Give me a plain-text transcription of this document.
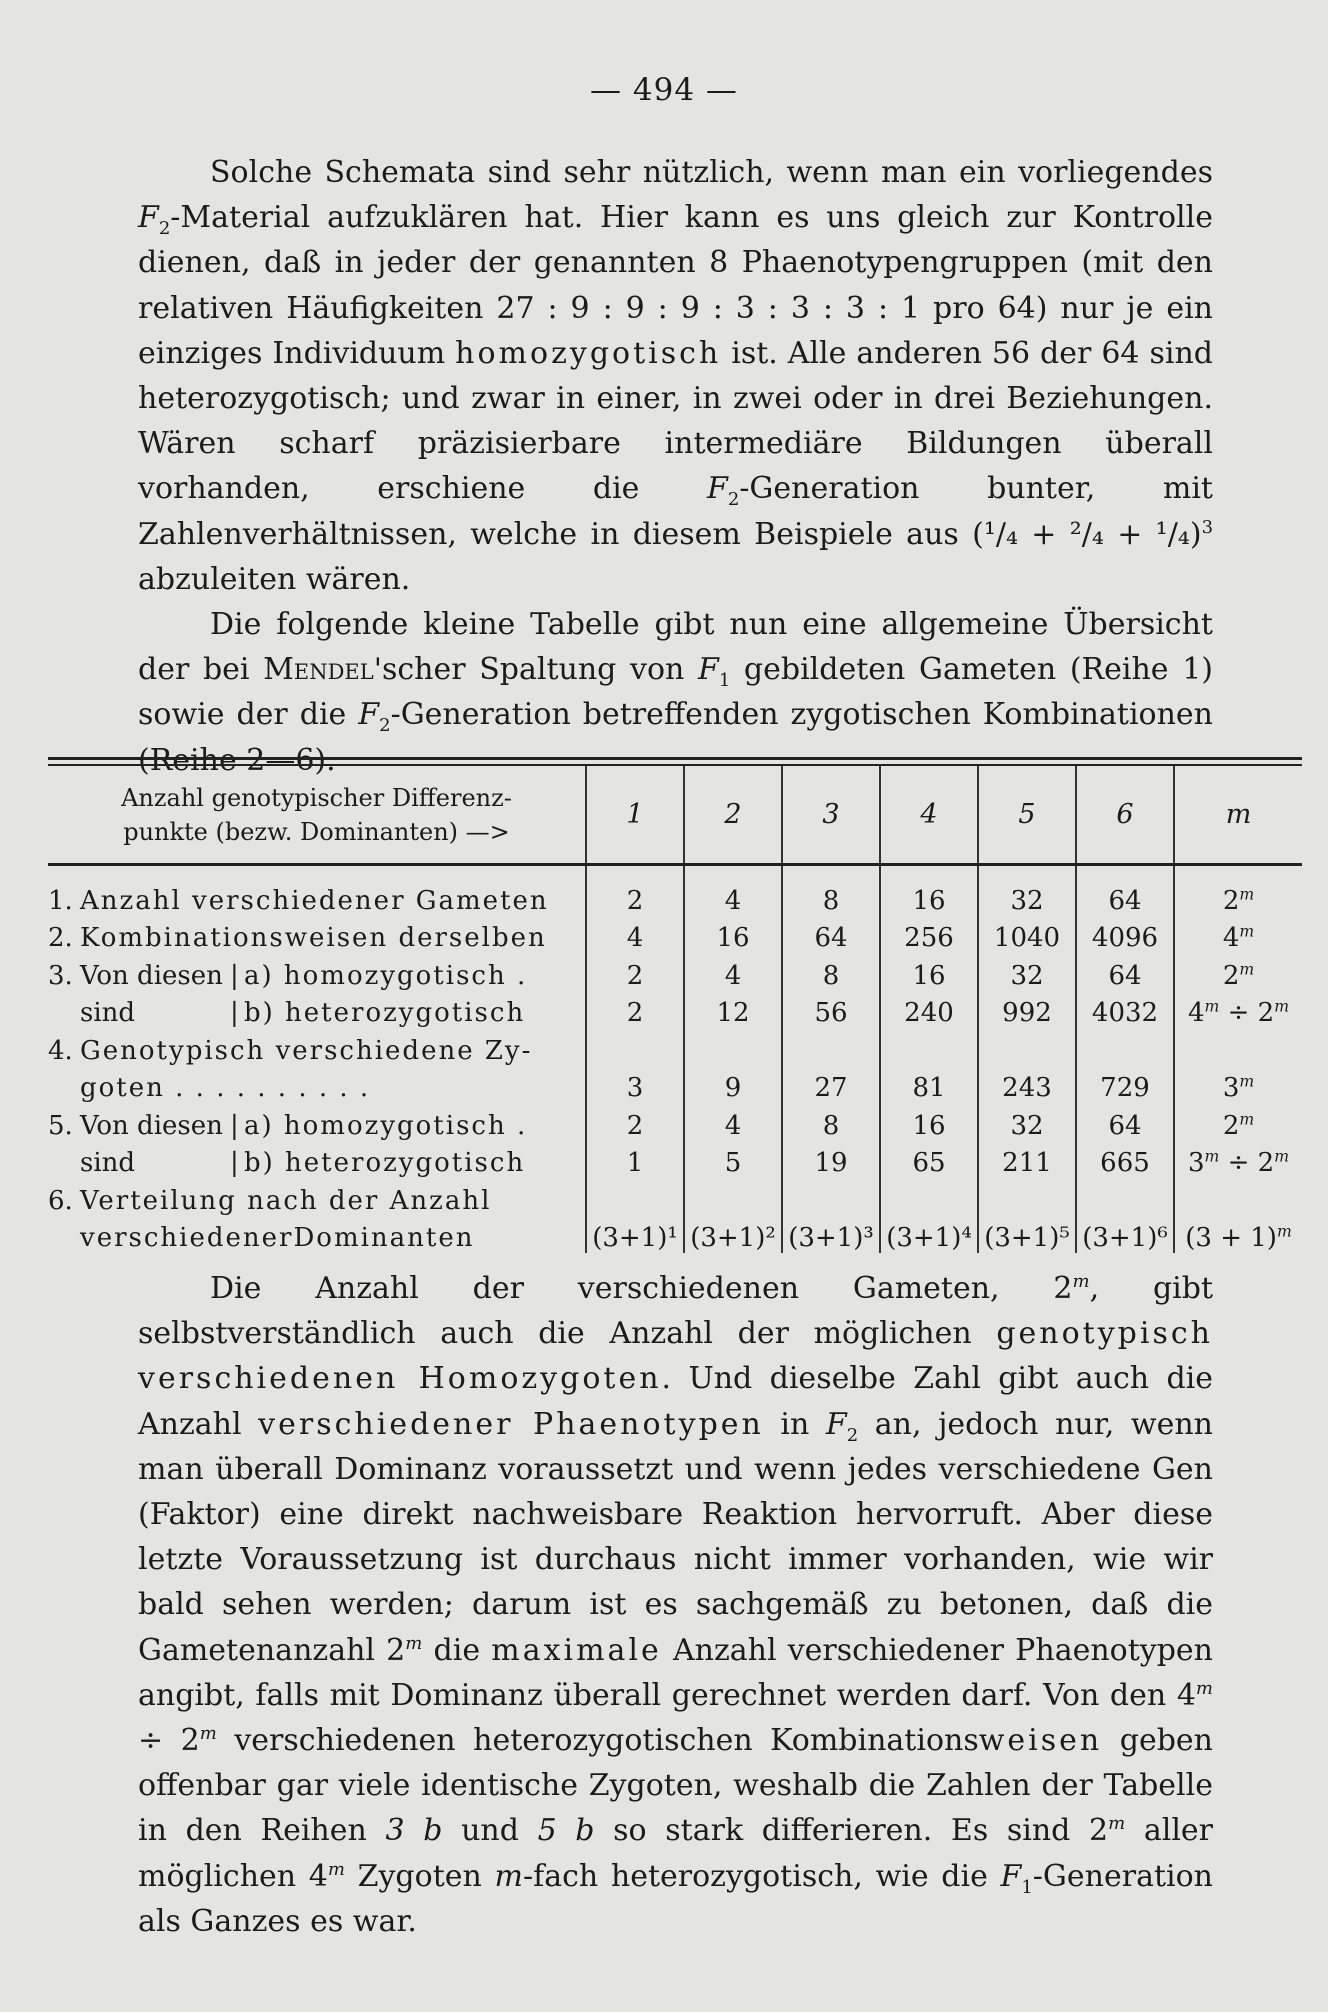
— 494 —

Solche Schemata sind sehr nützlich, wenn man ein vorliegendes $F_2$-Material aufzuklären hat. Hier kann es uns gleich zur Kontrolle dienen, daß in jeder der genannten 8 Phaenotypengruppen (mit den relativen Häufigkeiten 27 : 9 : 9 : 9 : 3 : 3 : 3 : 1 pro 64) nur je ein einziges Individuum homozygotisch ist. Alle anderen 56 der 64 sind heterozygotisch; und zwar in einer, in zwei oder in drei Beziehungen. Wären scharf präzisierbare intermediäre Bildungen überall vorhanden, erschiene die $F_2$-Generation bunter, mit Zahlenverhältnissen, welche in diesem Beispiele aus $(^1/_4 + ^2/_4 + ^1/_4)^3$ abzuleiten wären.

Die folgende kleine Tabelle gibt nun eine allgemeine Übersicht der bei Mendel'scher Spaltung von $F_1$ gebildeten Gameten (Reihe 1) sowie der die $F_2$-Generation betreffenden zygotischen Kombinationen (Reihe 2—6).

Anzahl genotypischer Differenz-
punkte (bezw. Dominanten) —>	1	2	3	4	5	6	m
1. Anzahl verschiedener Gameten	2	4	8	16	32	64	2$^m$
2. Kombinationsweisen derselben	4	16	64	256	1040	4096	4$^m$
3. Von diesen | a) homozygotisch .	2	4	8	16	32	64	2$^m$
sind | b) heterozygotisch	2	12	56	240	992	4032	$4^m \div 2^m$
4. Genotypisch verschiedene Zy-							
goten . . . . . . . . . .	3	9	27	81	243	729	3$^m$
5. Von diesen | a) homozygotisch .	2	4	8	16	32	64	2$^m$
sind | b) heterozygotisch	1	5	19	65	211	665	$3^m \div 2^m$
6. Verteilung nach der Anzahl							
verschiedenerDominanten	(3+1)¹	(3+1)²	(3+1)³	(3+1)⁴	(3+1)⁵	(3+1)⁶	$(3 + 1)^m$

Die Anzahl der verschiedenen Gameten, 2$^m$, gibt selbstverständlich auch die Anzahl der möglichen genotypisch verschiedenen Homozygoten. Und dieselbe Zahl gibt auch die Anzahl verschiedener Phaenotypen in $F_2$ an, jedoch nur, wenn man überall Dominanz voraussetzt und wenn jedes verschiedene Gen (Faktor) eine direkt nachweisbare Reaktion hervorruft. Aber diese letzte Voraussetzung ist durchaus nicht immer vorhanden, wie wir bald sehen werden; darum ist es sachgemäß zu betonen, daß die Gametenanzahl 2$^m$ die maximale Anzahl verschiedener Phaenotypen angibt, falls mit Dominanz überall gerechnet werden darf. Von den $4^m \div 2^m$ verschiedenen heterozygotischen Kombinationsweisen geben offenbar gar viele identische Zygoten, weshalb die Zahlen der Tabelle in den Reihen 3 b und 5 b so stark differieren. Es sind 2$^m$ aller möglichen 4$^m$ Zygoten m-fach heterozygotisch, wie die $F_1$-Generation als Ganzes es war.
